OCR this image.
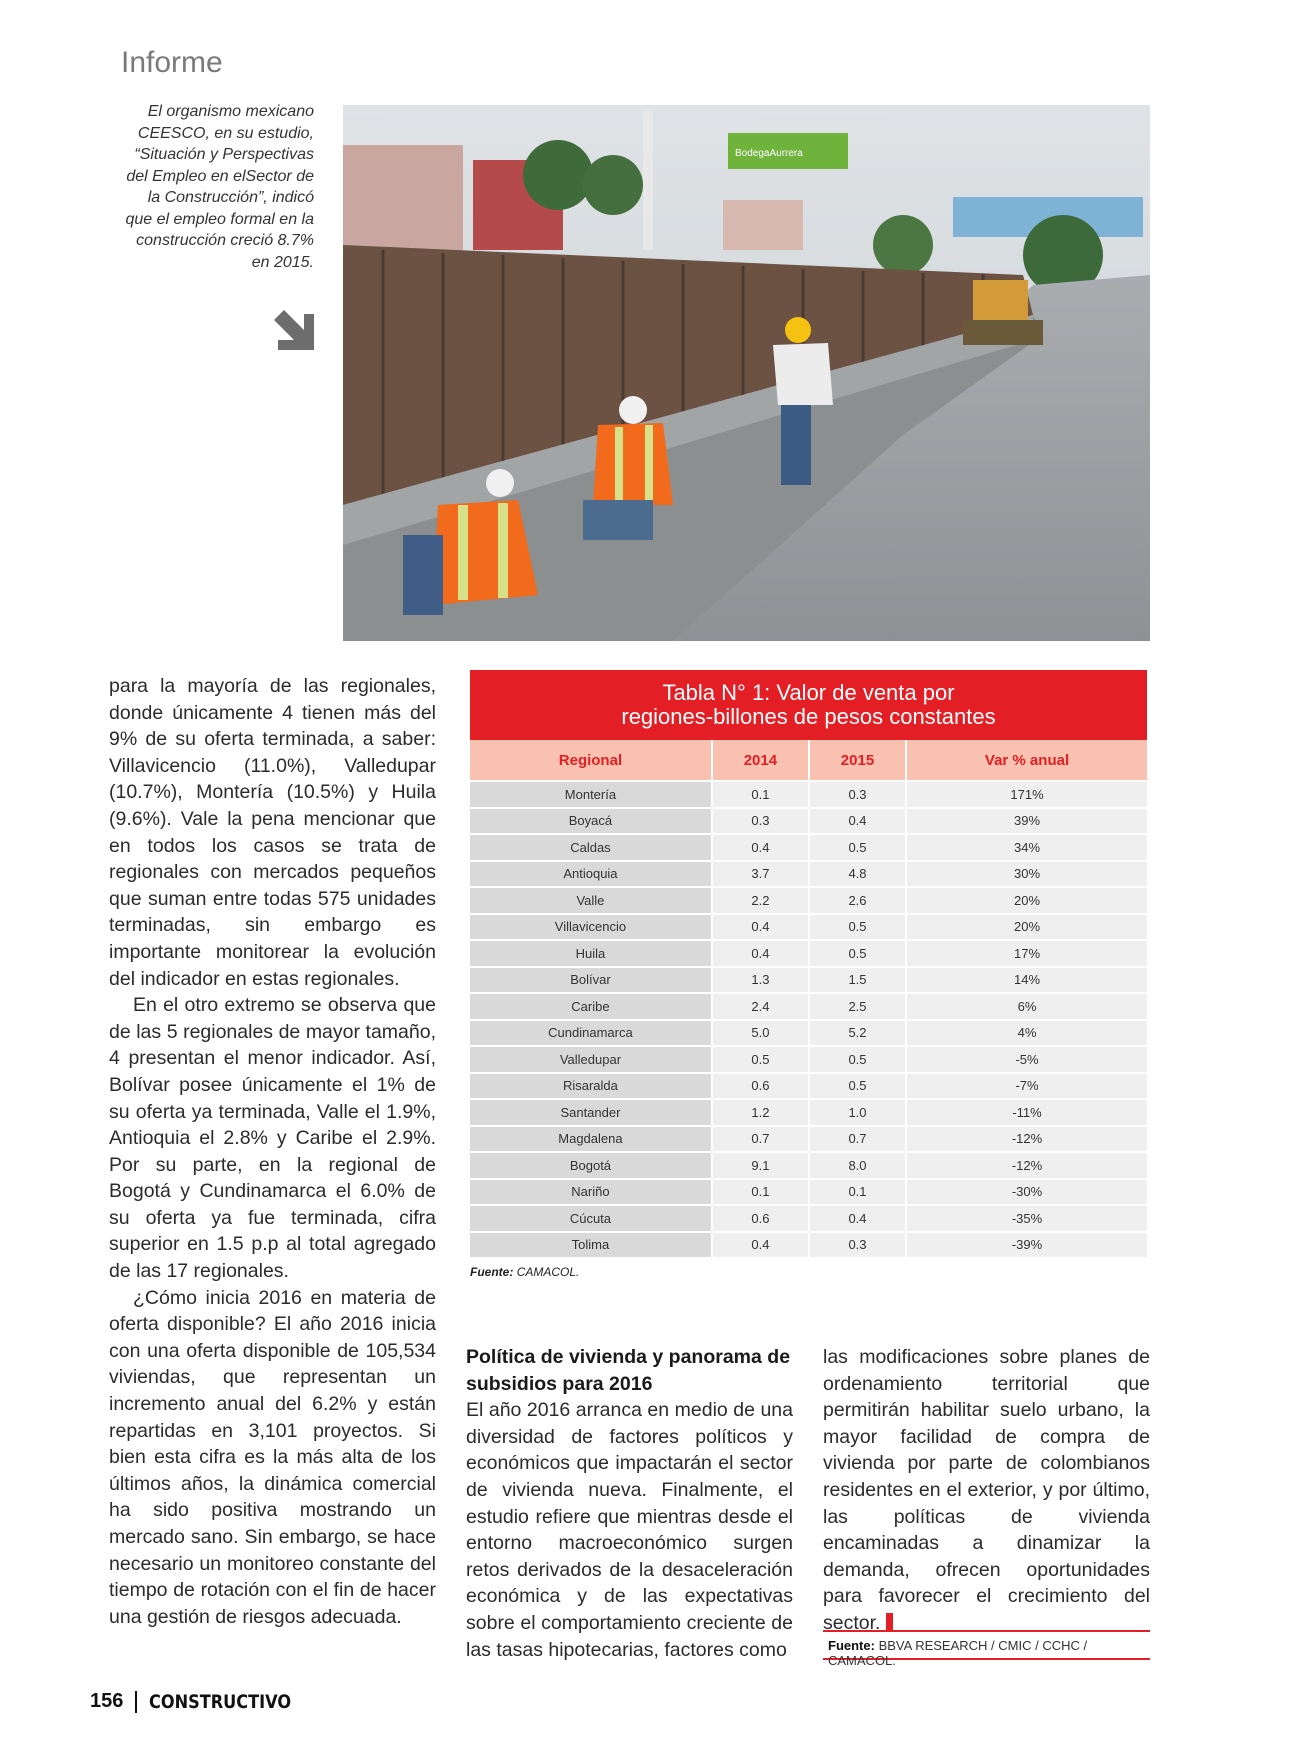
Informe
El organismo mexicano CEESCO, en su estudio, “Situación y Perspectivas del Empleo en elSector de la Construcción”, indicó que el empleo formal en la construcción creció 8.7% en 2015.
BodegaAurrera

para la mayoría de las regionales, donde únicamente 4 tienen más del 9% de su oferta terminada, a saber: Villavicencio (11.0%), Valledupar (10.7%), Montería (10.5%) y Huila (9.6%). Vale la pena mencionar que en todos los casos se trata de regionales con mercados pequeños que suman entre todas 575 unidades terminadas, sin embargo es importante monitorear la evolución del indicador en estas regionales.

En el otro extremo se observa que de las 5 regionales de mayor tamaño, 4 presentan el menor indicador. Así, Bolívar posee únicamente el 1% de su oferta ya terminada, Valle el 1.9%, Antioquia el 2.8% y Caribe el 2.9%. Por su parte, en la regional de Bogotá y Cundinamarca el 6.0% de su oferta ya fue terminada, cifra superior en 1.5 p.p al total agregado de las 17 regionales.

¿Cómo inicia 2016 en materia de oferta disponible? El año 2016 inicia con una oferta disponible de 105,534 viviendas, que representan un incremento anual del 6.2% y están repartidas en 3,101 proyectos. Si bien esta cifra es la más alta de los últimos años, la dinámica comercial ha sido positiva mostrando un mercado sano. Sin embargo, se hace necesario un monitoreo constante del tiempo de rotación con el fin de hacer una gestión de riesgos adecuada.

Tabla N° 1: Valor de venta por
regiones-billones de pesos constantes
Regional	2014	2015	Var % anual
Montería	0.1	0.3	171%
Boyacá	0.3	0.4	39%
Caldas	0.4	0.5	34%
Antioquia	3.7	4.8	30%
Valle	2.2	2.6	20%
Villavicencio	0.4	0.5	20%
Huila	0.4	0.5	17%
Bolívar	1.3	1.5	14%
Caribe	2.4	2.5	6%
Cundinamarca	5.0	5.2	4%
Valledupar	0.5	0.5	-5%
Risaralda	0.6	0.5	-7%
Santander	1.2	1.0	-11%
Magdalena	0.7	0.7	-12%
Bogotá	9.1	8.0	-12%
Nariño	0.1	0.1	-30%
Cúcuta	0.6	0.4	-35%
Tolima	0.4	0.3	-39%
Fuente: CAMACOL.
Política de vivienda y panorama de subsidios para 2016

El año 2016 arranca en medio de una diversidad de factores políticos y económicos que impactarán el sector de vivienda nueva. Finalmente, el estudio refiere que mientras desde el entorno macroeconómico surgen retos derivados de la desaceleración económica y de las expectativas sobre el comportamiento creciente de las tasas hipotecarias, factores como

las modificaciones sobre planes de ordenamiento territorial que permitirán habilitar suelo urbano, la mayor facilidad de compra de vivienda por parte de colombianos residentes en el exterior, y por último, las políticas de vivienda encaminadas a dinamizar la demanda, ofrecen oportunidades para favorecer el crecimiento del sector.

Fuente: BBVA RESEARCH / CMIC / CCHC / CAMACOL.
156 CONSTRUCTIVO
